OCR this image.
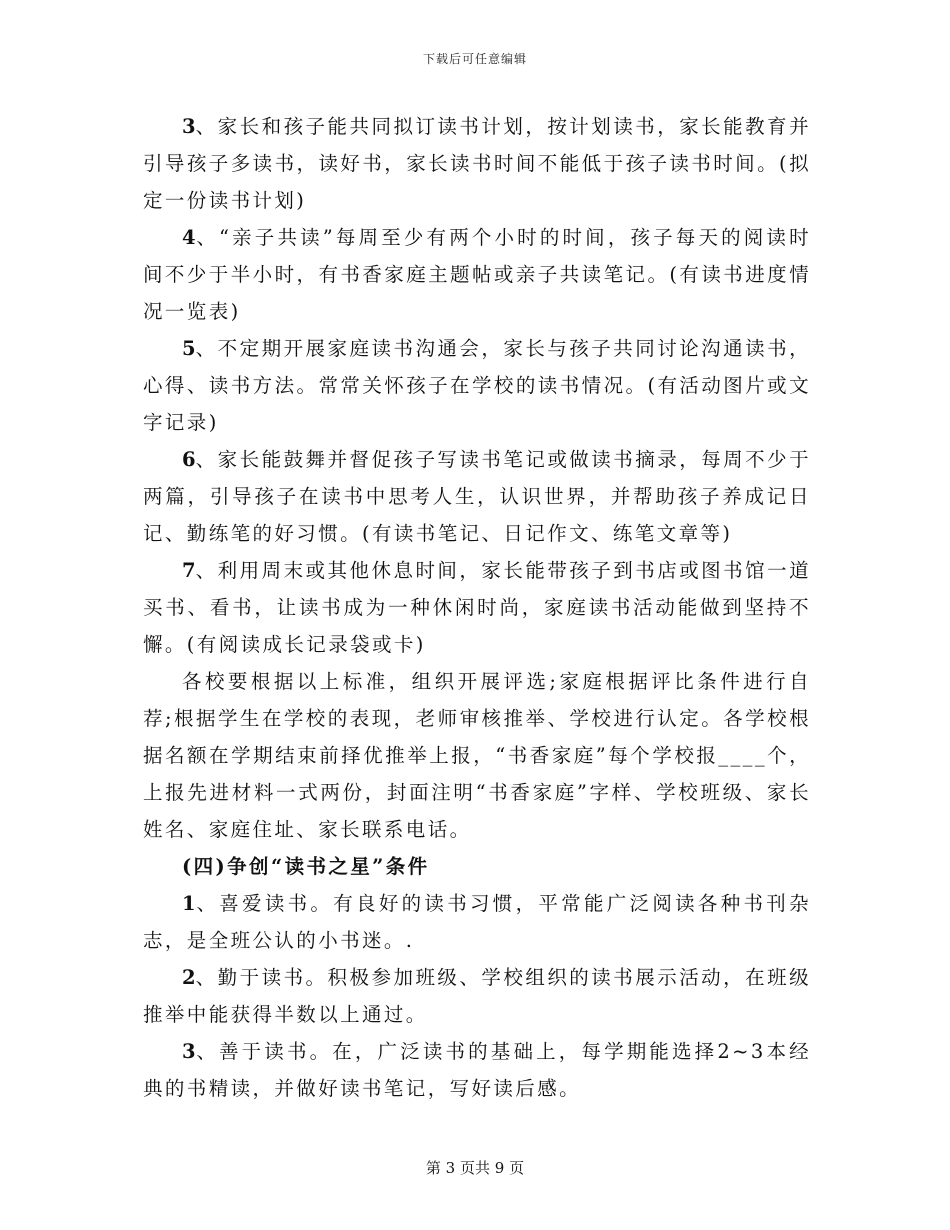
下载后可任意编辑

3、家长和孩子能共同拟订读书计划，按计划读书，家长能教育并引导孩子多读书，读好书，家长读书时间不能低于孩子读书时间。(拟定一份读书计划)

4、“亲子共读”每周至少有两个小时的时间，孩子每天的阅读时间不少于半小时，有书香家庭主题帖或亲子共读笔记。(有读书进度情况一览表)

5、不定期开展家庭读书沟通会，家长与孩子共同讨论沟通读书，心得、读书方法。常常关怀孩子在学校的读书情况。(有活动图片或文字记录)

6、家长能鼓舞并督促孩子写读书笔记或做读书摘录，每周不少于两篇，引导孩子在读书中思考人生，认识世界，并帮助孩子养成记日记、勤练笔的好习惯。(有读书笔记、日记作文、练笔文章等)

7、利用周末或其他休息时间，家长能带孩子到书店或图书馆一道买书、看书，让读书成为一种休闲时尚，家庭读书活动能做到坚持不懈。(有阅读成长记录袋或卡)

各校要根据以上标准，组织开展评选;家庭根据评比条件进行自荐;根据学生在学校的表现，老师审核推举、学校进行认定。各学校根据名额在学期结束前择优推举上报，“书香家庭”每个学校报____个，上报先进材料一式两份，封面注明“书香家庭”字样、学校班级、家长姓名、家庭住址、家长联系电话。

(四)争创“读书之星”条件

1、喜爱读书。有良好的读书习惯，平常能广泛阅读各种书刊杂志，是全班公认的小书迷。.

2、勤于读书。积极参加班级、学校组织的读书展示活动，在班级推举中能获得半数以上通过。

3、善于读书。在，广泛读书的基础上，每学期能选择2~3本经典的书精读，并做好读书笔记，写好读后感。

第 3 页共 9 页
